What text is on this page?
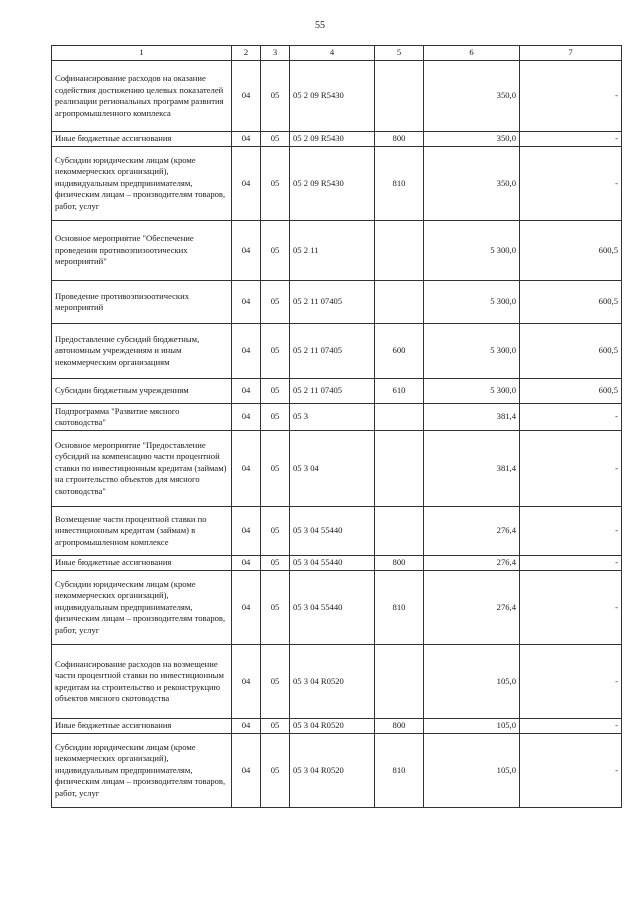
55
1	2	3	4	5	6	7
Софинансирование расходов на оказание содействия достижению целевых показателей реализации региональных программ развития агропромышленного комплекса	04	05	05 2 09 R5430		350,0	-
Иные бюджетные ассигнования	04	05	05 2 09 R5430	800	350,0	-
Субсидии юридическим лицам (кроме некоммерческих организаций), индивидуальным предпринимателям, физическим лицам – производителям товаров, работ, услуг	04	05	05 2 09 R5430	810	350,0	-
Основное мероприятие "Обеспечение проведения противоэпизоотических мероприятий"	04	05	05 2 11		5 300,0	600,5
Проведение противоэпизоотических мероприятий	04	05	05 2 11 07405		5 300,0	600,5
Предоставление субсидий бюджетным, автономным учреждениям и иным некоммерческим организациям	04	05	05 2 11 07405	600	5 300,0	600,5
Субсидии бюджетным учреждениям	04	05	05 2 11 07405	610	5 300,0	600,5
Подпрограмма "Развитие мясного скотоводства"	04	05	05 3		381,4	-
Основное мероприятие "Предоставление субсидий на компенсацию части процентной ставки по инвестиционным кредитам (займам) на строительство объектов для мясного скотоводства"	04	05	05 3 04		381,4	-
Возмещение части процентной ставки по инвестиционным кредитам (займам) в агропромышленном комплексе	04	05	05 3 04 55440		276,4	-
Иные бюджетные ассигнования	04	05	05 3 04 55440	800	276,4	-
Субсидии юридическим лицам (кроме некоммерческих организаций), индивидуальным предпринимателям, физическим лицам – производителям товаров, работ, услуг	04	05	05 3 04 55440	810	276,4	-
Софинансирование расходов на возмещение части процентной ставки по инвестиционным кредитам на строительство и реконструкцию объектов мясного скотоводства	04	05	05 3 04 R0520		105,0	-
Иные бюджетные ассигнования	04	05	05 3 04 R0520	800	105,0	-
Субсидии юридическим лицам (кроме некоммерческих организаций), индивидуальным предпринимателям, физическим лицам – производителям товаров, работ, услуг	04	05	05 3 04 R0520	810	105,0	-
